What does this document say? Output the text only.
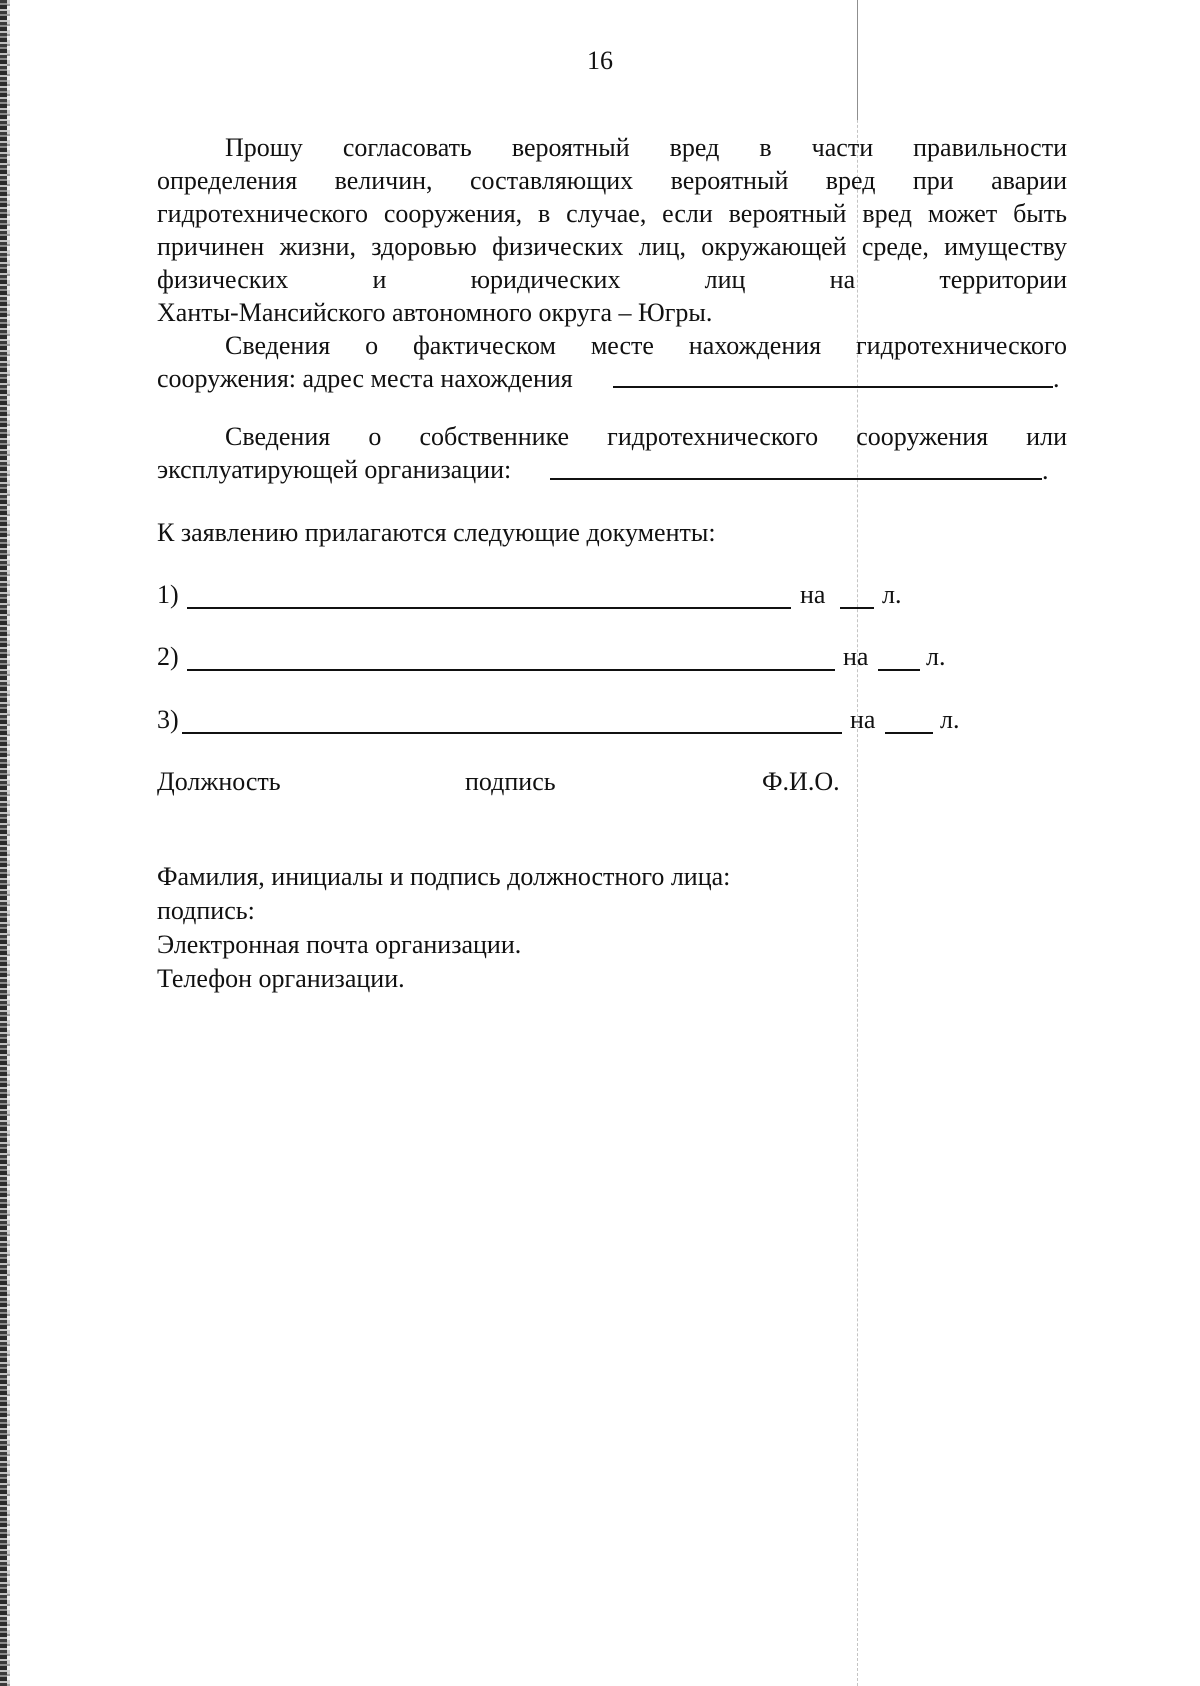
16
Прошу согласовать вероятный вред в части правильности
определения величин, составляющих вероятный вред при аварии
гидротехнического сооружения, в случае, если вероятный вред может быть
причинен жизни, здоровью физических лиц, окружающей среде, имуществу
физических и юридических лиц на территории
Ханты-Мансийского автономного округа – Югры.
Сведения о фактическом месте нахождения гидротехнического
сооружения: адрес места нахождения	.
Сведения о собственнике гидротехнического сооружения или
эксплуатирующей организации:	.
К заявлению прилагаются следующие документы:
1)	на л.
2)	на л.
3)	на л.
Должность	подпись	Ф.И.О.
Фамилия, инициалы и подпись должностного лица:
подпись:
Электронная почта организации.
Телефон организации.
